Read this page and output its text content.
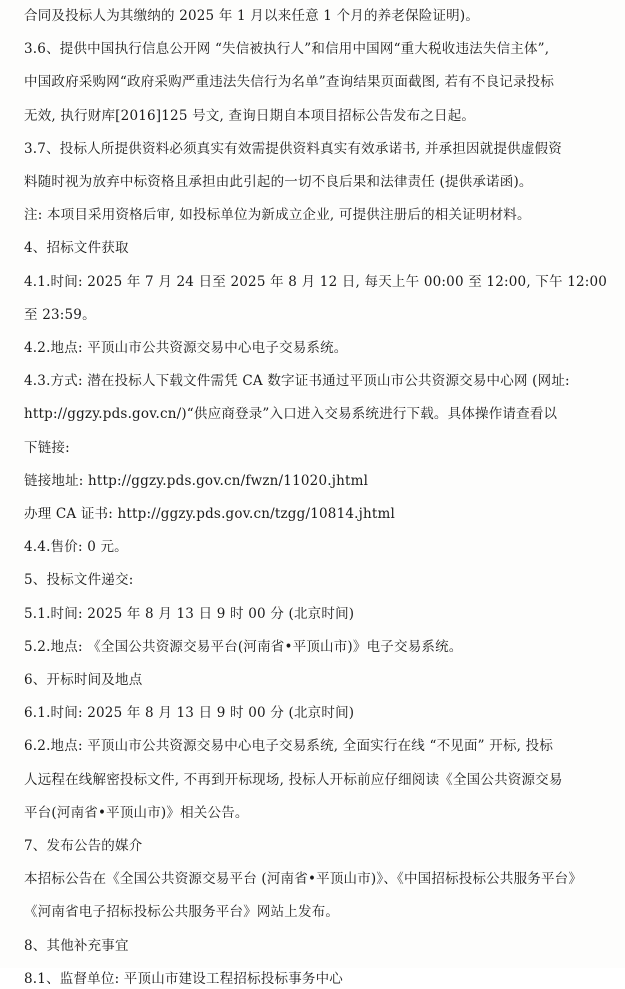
合同及投标人为其缴纳的 2025 年 1 月以来任意 1 个月的养老保险证明)。
3.6、提供中国执行信息公开网 “失信被执行人”和信用中国网“重大税收违法失信主体”,
中国政府采购网“政府采购严重违法失信行为名单”查询结果页面截图, 若有不良记录投标
无效, 执行财库[2016]125 号文, 查询日期自本项目招标公告发布之日起。
3.7、投标人所提供资料必须真实有效需提供资料真实有效承诺书, 并承担因就提供虚假资
料随时视为放弃中标资格且承担由此引起的一切不良后果和法律责任 (提供承诺函)。
注: 本项目采用资格后审, 如投标单位为新成立企业, 可提供注册后的相关证明材料。
4、招标文件获取
4.1.时间: 2025 年 7 月 24 日至 2025 年 8 月 12 日, 每天上午 00:00 至 12:00, 下午 12:00
至 23:59。
4.2.地点: 平顶山市公共资源交易中心电子交易系统。
4.3.方式: 潜在投标人下载文件需凭 CA 数字证书通过平顶山市公共资源交易中心网 (网址:
http://ggzy.pds.gov.cn/)“供应商登录”入口进入交易系统进行下载。具体操作请查看以
下链接:
链接地址: http://ggzy.pds.gov.cn/fwzn/11020.jhtml
办理 CA 证书: http://ggzy.pds.gov.cn/tzgg/10814.jhtml
4.4.售价: 0 元。
5、投标文件递交:
5.1.时间: 2025 年 8 月 13 日 9 时 00 分 (北京时间)
5.2.地点: 《全国公共资源交易平台(河南省•平顶山市)》电子交易系统。
6、开标时间及地点
6.1.时间: 2025 年 8 月 13 日 9 时 00 分 (北京时间)
6.2.地点: 平顶山市公共资源交易中心电子交易系统, 全面实行在线 “不见面” 开标, 投标
人远程在线解密投标文件, 不再到开标现场, 投标人开标前应仔细阅读《全国公共资源交易
平台(河南省•平顶山市)》相关公告。
7、发布公告的媒介
本招标公告在《全国公共资源交易平台 (河南省•平顶山市)》、《中国招标投标公共服务平台》
《河南省电子招标投标公共服务平台》网站上发布。
8、其他补充事宜
8.1、监督单位: 平顶山市建设工程招标投标事务中心
